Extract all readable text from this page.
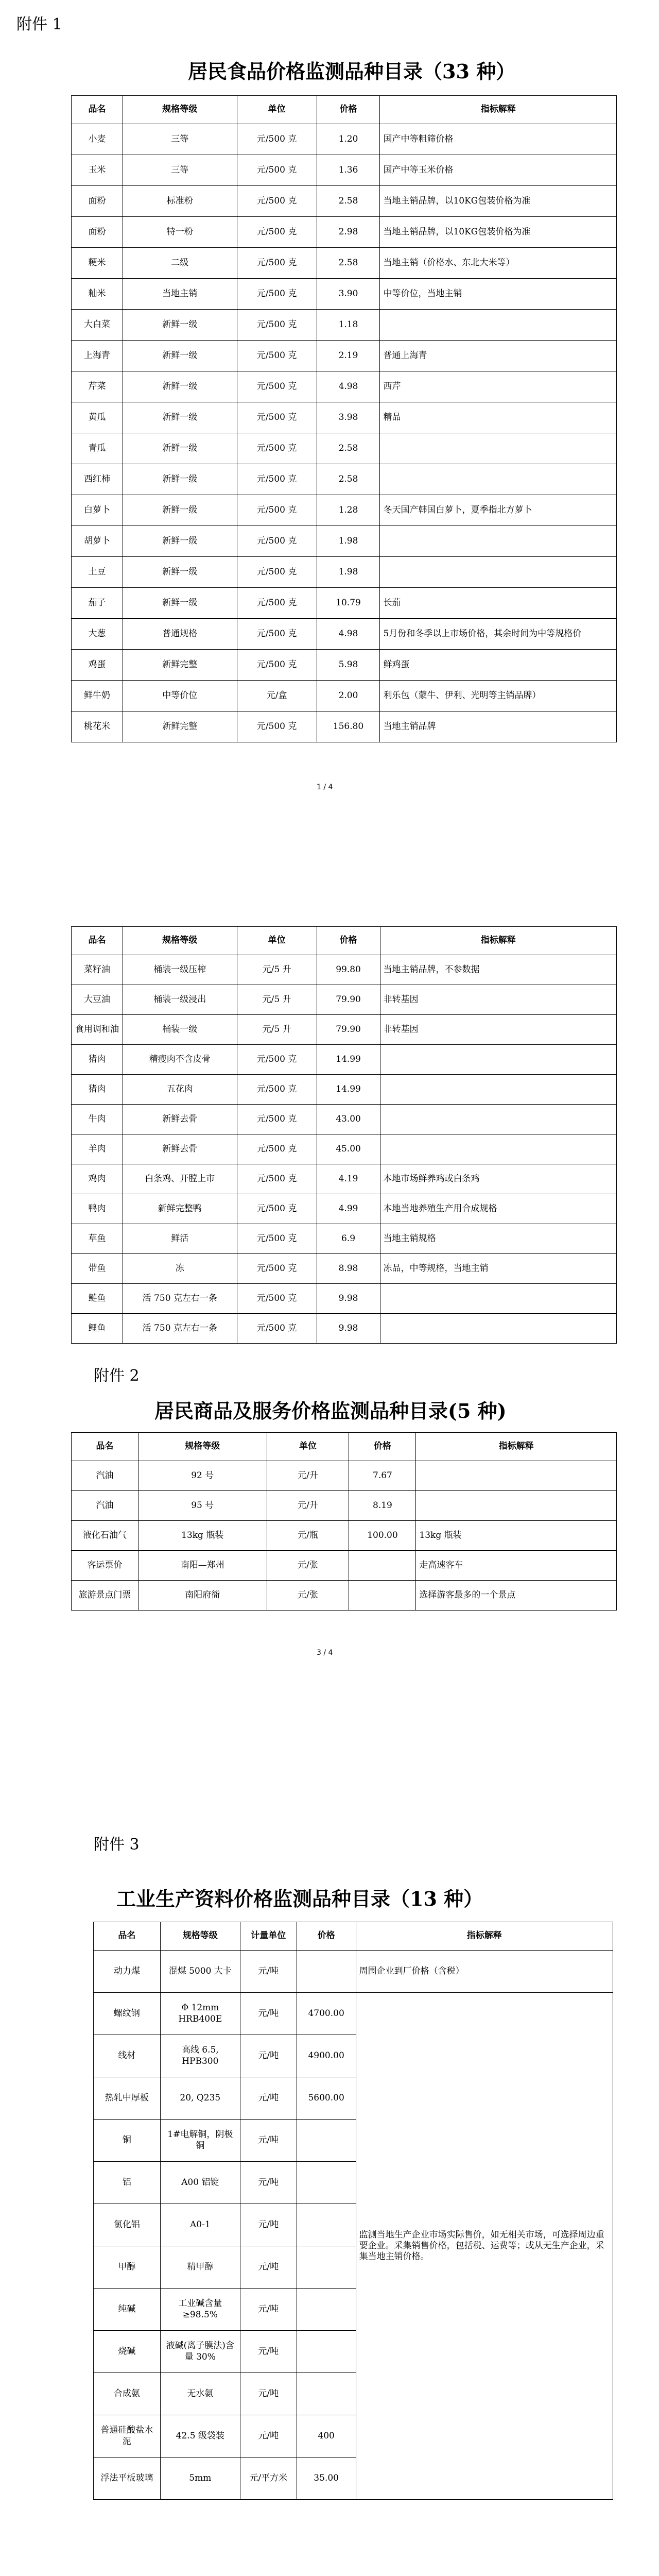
附件 1
居民食品价格监测品种目录（33 种）
品名	规格等级	单位	价格	指标解释
小麦	三等	元/500 克	1.20	国产中等粗筛价格
玉米	三等	元/500 克	1.36	国产中等玉米价格
面粉	标准粉	元/500 克	2.58	当地主销品牌，以10KG包装价格为准
面粉	特一粉	元/500 克	2.98	当地主销品牌，以10KG包装价格为准
粳米	二级	元/500 克	2.58	当地主销（价格水、东北大米等）
籼米	当地主销	元/500 克	3.90	中等价位，当地主销
大白菜	新鲜一级	元/500 克	1.18	
上海青	新鲜一级	元/500 克	2.19	普通上海青
芹菜	新鲜一级	元/500 克	4.98	西芹
黄瓜	新鲜一级	元/500 克	3.98	精品
青瓜	新鲜一级	元/500 克	2.58	
西红柿	新鲜一级	元/500 克	2.58	
白萝卜	新鲜一级	元/500 克	1.28	冬天国产韩国白萝卜，夏季指北方萝卜
胡萝卜	新鲜一级	元/500 克	1.98	
土豆	新鲜一级	元/500 克	1.98	
茄子	新鲜一级	元/500 克	10.79	长茄
大葱	普通规格	元/500 克	4.98	5月份和冬季以上市场价格，其余时间为中等规格价
鸡蛋	新鲜完整	元/500 克	5.98	鲜鸡蛋
鲜牛奶	中等价位	元/盒	2.00	利乐包（蒙牛、伊利、光明等主销品牌）
桃花米	新鲜完整	元/500 克	156.80	当地主销品牌
1 / 4
品名	规格等级	单位	价格	指标解释
菜籽油	桶装一级压榨	元/5 升	99.80	当地主销品牌，不参数据
大豆油	桶装一级浸出	元/5 升	79.90	非转基因
食用调和油	桶装一级	元/5 升	79.90	非转基因
猪肉	精瘦肉不含皮骨	元/500 克	14.99	
猪肉	五花肉	元/500 克	14.99	
牛肉	新鲜去骨	元/500 克	43.00	
羊肉	新鲜去骨	元/500 克	45.00	
鸡肉	白条鸡、开膛上市	元/500 克	4.19	本地市场鲜养鸡或白条鸡
鸭肉	新鲜完整鸭	元/500 克	4.99	本地当地养殖生产用合成规格
草鱼	鲜活	元/500 克	6.9	当地主销规格
带鱼	冻	元/500 克	8.98	冻品，中等规格，当地主销
鲢鱼	活 750 克左右一条	元/500 克	9.98	
鲤鱼	活 750 克左右一条	元/500 克	9.98	
附件 2
居民商品及服务价格监测品种目录(5 种)
品名	规格等级	单位	价格	指标解释
汽油	92 号	元/升	7.67	
汽油	95 号	元/升	8.19	
液化石油气	13kg 瓶装	元/瓶	100.00	13kg 瓶装
客运票价	南阳—郑州	元/张		走高速客车
旅游景点门票	南阳府衙	元/张		选择游客最多的一个景点
3 / 4
附件 3
工业生产资料价格监测品种目录（13 种）
品名	规格等级	计量单位	价格	指标解释
动力煤	混煤 5000 大卡	元/吨		周围企业到厂价格（含税）
螺纹钢	Φ 12mm HRB400E	元/吨	4700.00	监测当地生产企业市场实际售价，如无相关市场，可选择周边重要企业。采集销售价格，包括税、运费等；或从无生产企业，采集当地主销价格。
线材	高线 6.5, HPB300	元/吨	4900.00	
热轧中厚板	20, Q235	元/吨	5600.00	
铜	1#电解铜，阴极铜	元/吨		
铝	A00 铝锭	元/吨		
氯化铝	A0-1	元/吨		
甲醇	精甲醇	元/吨		
纯碱	工业碱含量≥98.5%	元/吨		
烧碱	液碱(离子膜法)含量 30%	元/吨		
合成氨	无水氨	元/吨		
普通硅酸盐水泥	42.5 级袋装	元/吨	400	
浮法平板玻璃	5mm	元/平方米	35.00	
